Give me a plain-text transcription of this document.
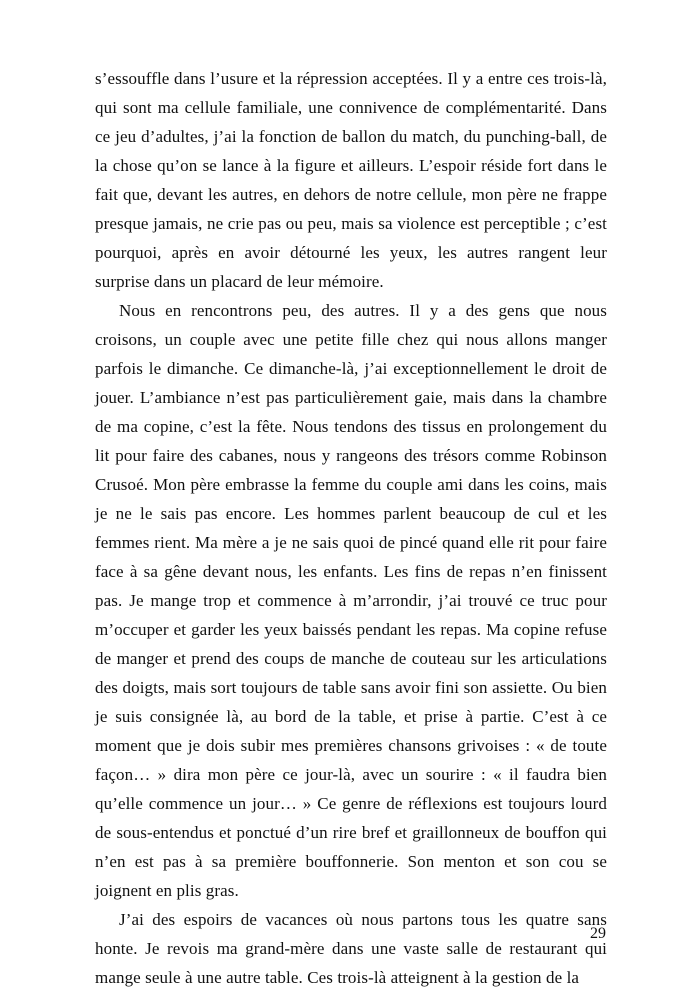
s’essouffle dans l’usure et la répression acceptées. Il y a entre ces trois-là, qui sont ma cellule familiale, une connivence de complémentarité. Dans ce jeu d’adultes, j’ai la fonction de ballon du match, du punching-ball, de la chose qu’on se lance à la figure et ailleurs. L’espoir réside fort dans le fait que, devant les autres, en dehors de notre cellule, mon père ne frappe presque jamais, ne crie pas ou peu, mais sa violence est perceptible ; c’est pourquoi, après en avoir détourné les yeux, les autres rangent leur surprise dans un placard de leur mémoire.

Nous en rencontrons peu, des autres. Il y a des gens que nous croisons, un couple avec une petite fille chez qui nous allons manger parfois le dimanche. Ce dimanche-là, j’ai exceptionnellement le droit de jouer. L’ambiance n’est pas particulièrement gaie, mais dans la chambre de ma copine, c’est la fête. Nous tendons des tissus en prolongement du lit pour faire des cabanes, nous y rangeons des trésors comme Robinson Crusoé. Mon père embrasse la femme du couple ami dans les coins, mais je ne le sais pas encore. Les hommes parlent beaucoup de cul et les femmes rient. Ma mère a je ne sais quoi de pincé quand elle rit pour faire face à sa gêne devant nous, les enfants. Les fins de repas n’en finissent pas. Je mange trop et commence à m’arrondir, j’ai trouvé ce truc pour m’occuper et garder les yeux baissés pendant les repas. Ma copine refuse de manger et prend des coups de manche de couteau sur les articulations des doigts, mais sort toujours de table sans avoir fini son assiette. Ou bien je suis consignée là, au bord de la table, et prise à partie. C’est à ce moment que je dois subir mes premières chansons grivoises : « de toute façon… » dira mon père ce jour-là, avec un sourire : « il faudra bien qu’elle commence un jour… » Ce genre de réflexions est toujours lourd de sous-entendus et ponctué d’un rire bref et graillonneux de bouffon qui n’en est pas à sa première bouffonnerie. Son menton et son cou se joignent en plis gras.

J’ai des espoirs de vacances où nous partons tous les quatre sans honte. Je revois ma grand-mère dans une vaste salle de restaurant qui mange seule à une autre table. Ces trois-là atteignent à la gestion de la

29
